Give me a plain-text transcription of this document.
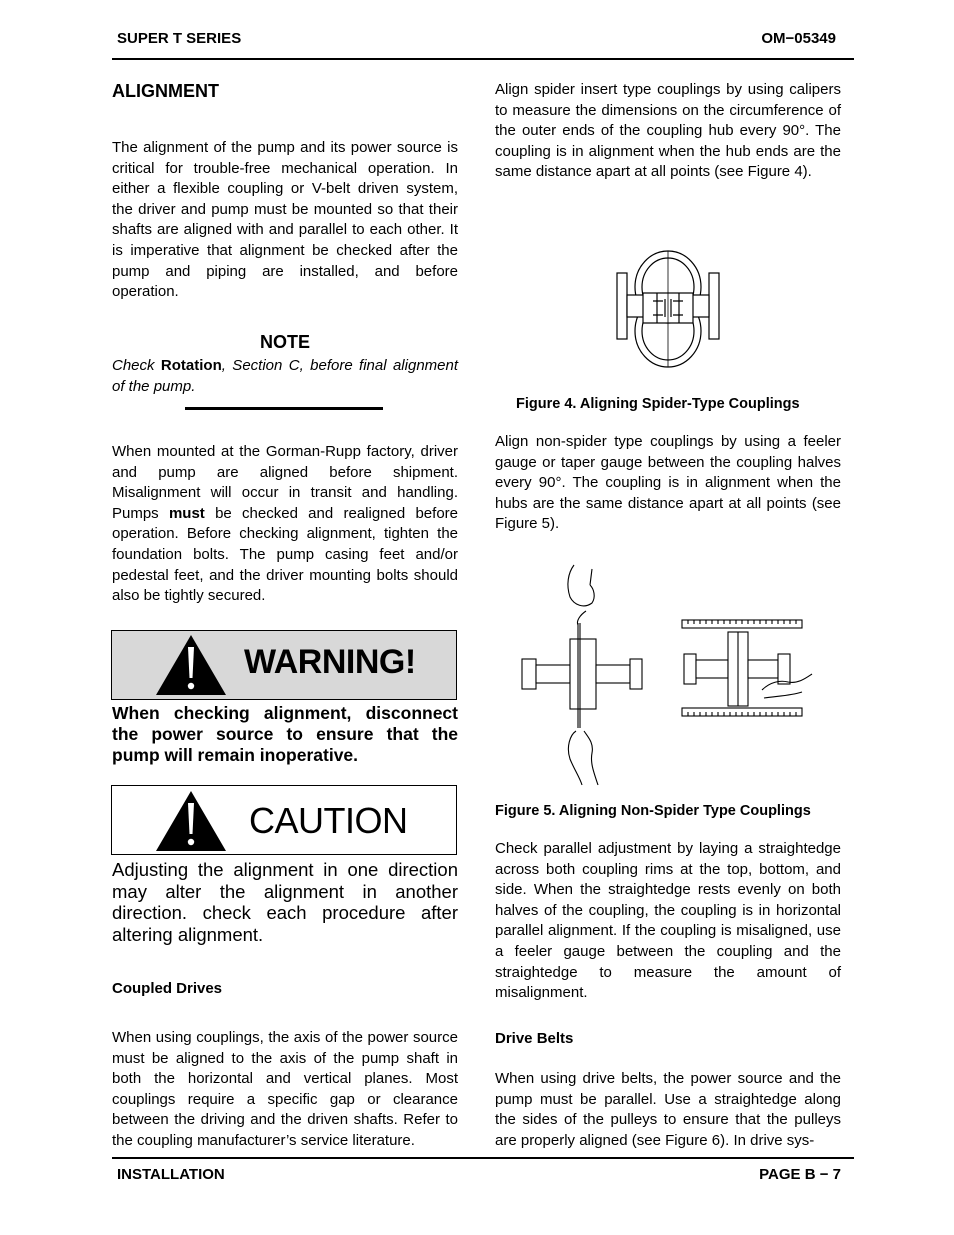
SUPER T SERIES	OM−05349
ALIGNMENT

The alignment of the pump and its power source is critical for trouble-free mechanical operation. In either a flexible coupling or V-belt driven system, the driver and pump must be mounted so that their shafts are aligned with and parallel to each other. It is imperative that alignment be checked after the pump and piping are installed, and before operation.

NOTE

Check Rotation, Section C, before final alignment of the pump.

When mounted at the Gorman-Rupp factory, driver and pump are aligned before shipment. Misalignment will occur in transit and handling. Pumps must be checked and realigned before operation. Before checking alignment, tighten the foundation bolts. The pump casing feet and/or pedestal feet, and the driver mounting bolts should also be tightly secured.

WARNING!

When checking alignment, disconnect the power source to ensure that the pump will remain inoperative.

CAUTION

Adjusting the alignment in one direction may alter the alignment in another direction. check each procedure after altering alignment.

Coupled Drives

When using couplings, the axis of the power source must be aligned to the axis of the pump shaft in both the horizontal and vertical planes. Most couplings require a specific gap or clearance between the driving and the driven shafts. Refer to the coupling manufacturer’s service literature.

Align spider insert type couplings by using calipers to measure the dimensions on the circumference of the outer ends of the coupling hub every 90°. The coupling is in alignment when the hub ends are the same distance apart at all points (see Figure 4).

Figure 4. Aligning Spider-Type Couplings

Align non-spider type couplings by using a feeler gauge or taper gauge between the coupling halves every 90°. The coupling is in alignment when the hubs are the same distance apart at all points (see Figure 5).

Figure 5. Aligning Non-Spider Type Couplings

Check parallel adjustment by laying a straightedge across both coupling rims at the top, bottom, and side. When the straightedge rests evenly on both halves of the coupling, the coupling is in horizontal parallel alignment. If the coupling is misaligned, use a feeler gauge between the coupling and the straightedge to measure the amount of misalignment.

Drive Belts

When using drive belts, the power source and the pump must be parallel. Use a straightedge along the sides of the pulleys to ensure that the pulleys are properly aligned (see Figure 6). In drive sys-

INSTALLATION	PAGE B − 7
